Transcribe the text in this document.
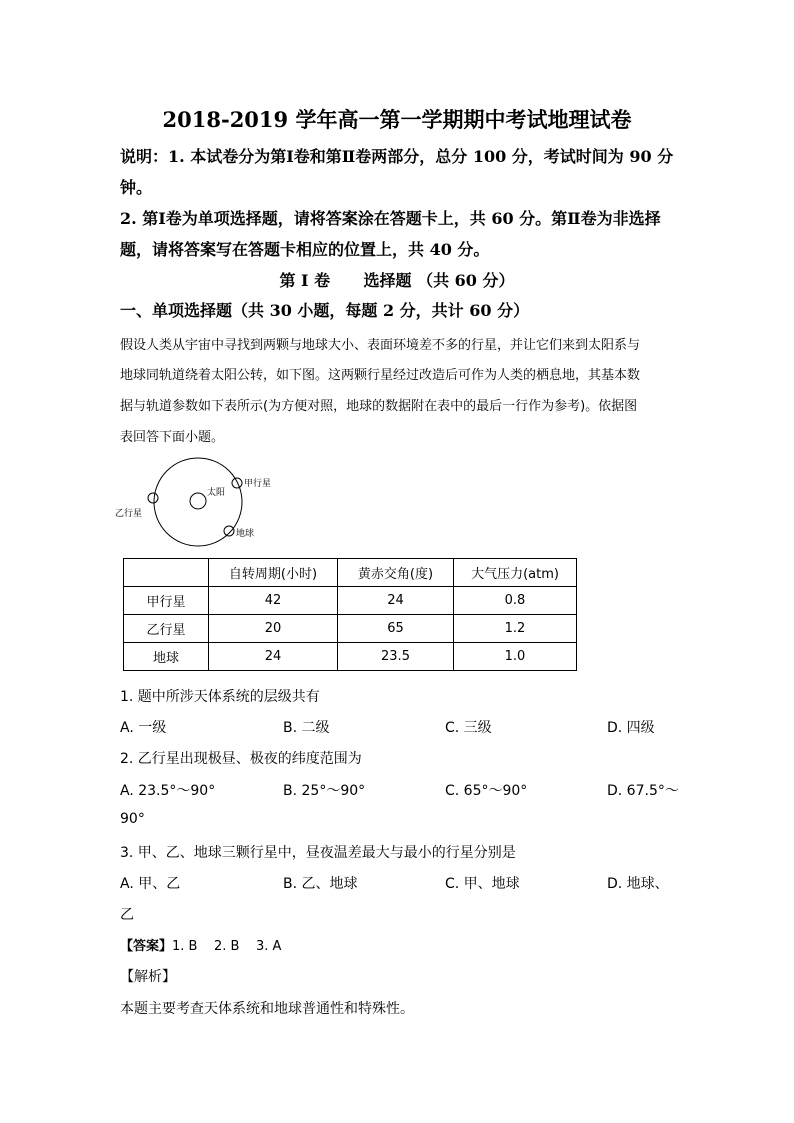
2018-2019 学年高一第一学期期中考试地理试卷
说明：1. 本试卷分为第Ⅰ卷和第Ⅱ卷两部分，总分 100 分，考试时间为 90 分
钟。
2. 第Ⅰ卷为单项选择题，请将答案涂在答题卡上，共 60 分。第Ⅱ卷为非选择
题，请将答案写在答题卡相应的位置上，共 40 分。
第 Ⅰ 卷      选择题 （共 60 分）
一、单项选择题（共 30 小题，每题 2 分，共计 60 分）
假设人类从宇宙中寻找到两颗与地球大小、表面环境差不多的行星，并让它们来到太阳系与
地球同轨道绕着太阳公转，如下图。这两颗行星经过改造后可作为人类的栖息地，其基本数
据与轨道参数如下表所示(为方便对照，地球的数据附在表中的最后一行作为参考)。依据图
表回答下面小题。
太阳
甲行星
乙行星
地球
	自转周期(小时)	黄赤交角(度)	大气压力(atm)
甲行星	42	24	0.8
乙行星	20	65	1.2
地球	24	23.5	1.0
1. 题中所涉天体系统的层级共有
A. 一级	B. 二级	C. 三级	D. 四级
2. 乙行星出现极昼、极夜的纬度范围为
A. 23.5°～90°	B. 25°～90°	C. 65°～90°	D. 67.5°～
90°
3. 甲、乙、地球三颗行星中，昼夜温差最大与最小的行星分别是
A. 甲、乙	B. 乙、地球	C. 甲、地球	D. 地球、
乙
【答案】1. B    2. B    3. A
【解析】
本题主要考查天体系统和地球普通性和特殊性。
